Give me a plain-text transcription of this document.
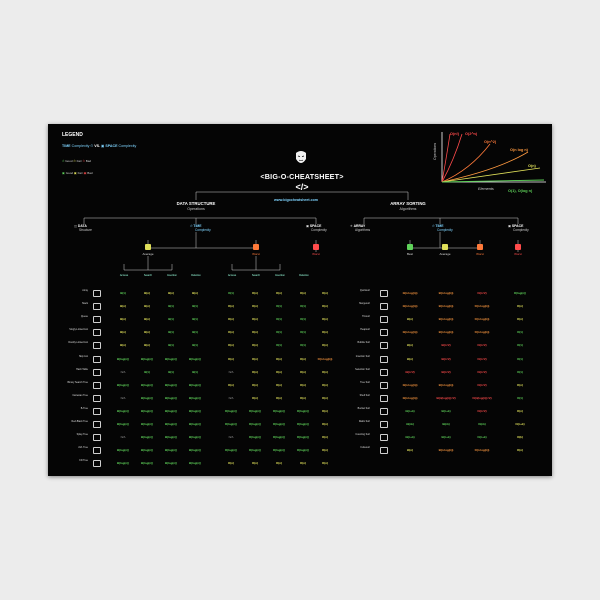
LEGEND
TIME Complexity ⏱ VS. ▣ SPACE Complexity
⏱ Good ⏱ Fair ⏱ Bad
▣ Good ▣ Fair ▣ Bad	<BIG-O-CHEATSHEET>
</>
www.bigocheatsheet.com
Operations
Elements
O(n!) O(2^n)
O(n^2)
O(n log n)
O(n)
O(1), O(log n)
DATA STRUCTURE
Operations
ARRAY SORTING
Algorithms
◫ DATA
Structure
⏱ TIME
Complexity
▣ SPACE
Complexity
Average	Worst	Worst
Access	Search	Insertion	Deletion	Access	Search	Insertion	Deletion
✳ ARRAY
Algorithms
⏱ TIME
Complexity
▣ SPACE
Complexity
Best	Average	Worst	Worst
Array
Θ(1)	Θ(n)	Θ(n)	Θ(n)	O(1)	O(n)	O(n)	O(n)	O(n)
Stack
Θ(n)	Θ(n)	Θ(1)	Θ(1)	O(n)	O(n)	O(1)	O(1)	O(n)
Queue
Θ(n)	Θ(n)	Θ(1)	Θ(1)	O(n)	O(n)	O(1)	O(1)	O(n)
Singly-Linked List
Θ(n)	Θ(n)	Θ(1)	Θ(1)	O(n)	O(n)	O(1)	O(1)	O(n)
Doubly-Linked List
Θ(n)	Θ(n)	Θ(1)	Θ(1)	O(n)	O(n)	O(1)	O(1)	O(n)
Skip List
Θ(log(n))	Θ(log(n))	Θ(log(n))	Θ(log(n))	O(n)	O(n)	O(n)	O(n)	O(n log(n))
Hash Table
N/A	Θ(1)	Θ(1)	Θ(1)	N/A	O(n)	O(n)	O(n)	O(n)
Binary Search Tree
Θ(log(n))	Θ(log(n))	Θ(log(n))	Θ(log(n))	O(n)	O(n)	O(n)	O(n)	O(n)
Cartesian Tree
N/A	Θ(log(n))	Θ(log(n))	Θ(log(n))	N/A	O(n)	O(n)	O(n)	O(n)
B-Tree
Θ(log(n))	Θ(log(n))	Θ(log(n))	Θ(log(n))	O(log(n))	O(log(n))	O(log(n))	O(log(n))	O(n)
Red-Black Tree
Θ(log(n))	Θ(log(n))	Θ(log(n))	Θ(log(n))	O(log(n))	O(log(n))	O(log(n))	O(log(n))	O(n)
Splay Tree
N/A	Θ(log(n))	Θ(log(n))	Θ(log(n))	N/A	O(log(n))	O(log(n))	O(log(n))	O(n)
AVL Tree
Θ(log(n))	Θ(log(n))	Θ(log(n))	Θ(log(n))	O(log(n))	O(log(n))	O(log(n))	O(log(n))	O(n)
KD Tree
Θ(log(n))	Θ(log(n))	Θ(log(n))	Θ(log(n))	O(n)	O(n)	O(n)	O(n)	O(n)
Quicksort
Ω(n log(n))	Θ(n log(n))	O(n^2)	O(log(n))
Mergesort
Ω(n log(n))	Θ(n log(n))	O(n log(n))	O(n)
Timsort
Ω(n)	Θ(n log(n))	O(n log(n))	O(n)
Heapsort
Ω(n log(n))	Θ(n log(n))	O(n log(n))	O(1)
Bubble Sort
Ω(n)	Θ(n^2)	O(n^2)	O(1)
Insertion Sort
Ω(n)	Θ(n^2)	O(n^2)	O(1)
Selection Sort
Ω(n^2)	Θ(n^2)	O(n^2)	O(1)
Tree Sort
Ω(n log(n))	Θ(n log(n))	O(n^2)	O(n)
Shell Sort
Ω(n log(n))	Θ(n(log(n))^2)	O(n(log(n))^2)	O(1)
Bucket Sort
Ω(n+k)	Θ(n+k)	O(n^2)	O(n)
Radix Sort
Ω(nk)	Θ(nk)	O(nk)	O(n+k)
Counting Sort
Ω(n+k)	Θ(n+k)	O(n+k)	O(k)
Cubesort
Ω(n)	Θ(n log(n))	O(n log(n))	O(n)
